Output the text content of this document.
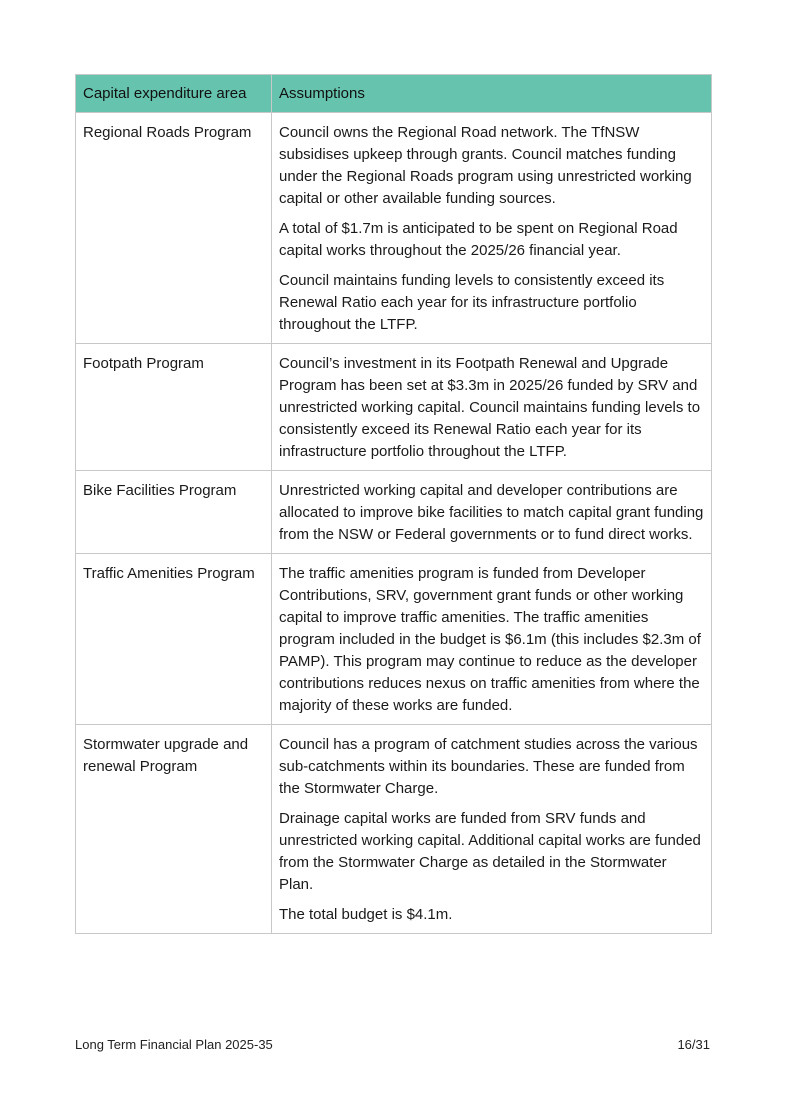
Capital expenditure area	Assumptions
Regional Roads Program	Council owns the Regional Road network. The TfNSW subsidises upkeep through grants. Council matches funding under the Regional Roads program using unrestricted working capital or other available funding sources.

A total of $1.7m is anticipated to be spent on Regional Road capital works throughout the 2025/26 financial year.

Council maintains funding levels to consistently exceed its Renewal Ratio each year for its infrastructure portfolio throughout the LTFP.

Footpath Program	Council’s investment in its Footpath Renewal and Upgrade Program has been set at $3.3m in 2025/26 funded by SRV and unrestricted working capital. Council maintains funding levels to consistently exceed its Renewal Ratio each year for its infrastructure portfolio throughout the LTFP.

Bike Facilities Program	Unrestricted working capital and developer contributions are allocated to improve bike facilities to match capital grant funding from the NSW or Federal governments or to fund direct works.

Traffic Amenities Program	The traffic amenities program is funded from Developer Contributions, SRV, government grant funds or other working capital to improve traffic amenities. The traffic amenities program included in the budget is $6.1m (this includes $2.3m of PAMP). This program may continue to reduce as the developer contributions reduces nexus on traffic amenities from where the majority of these works are funded.

Stormwater upgrade and renewal Program	Council has a program of catchment studies across the various sub-catchments within its boundaries. These are funded from the Stormwater Charge.

Drainage capital works are funded from SRV funds and unrestricted working capital. Additional capital works are funded from the Stormwater Charge as detailed in the Stormwater Plan.

The total budget is $4.1m.

Long Term Financial Plan 2025-35	16/31
